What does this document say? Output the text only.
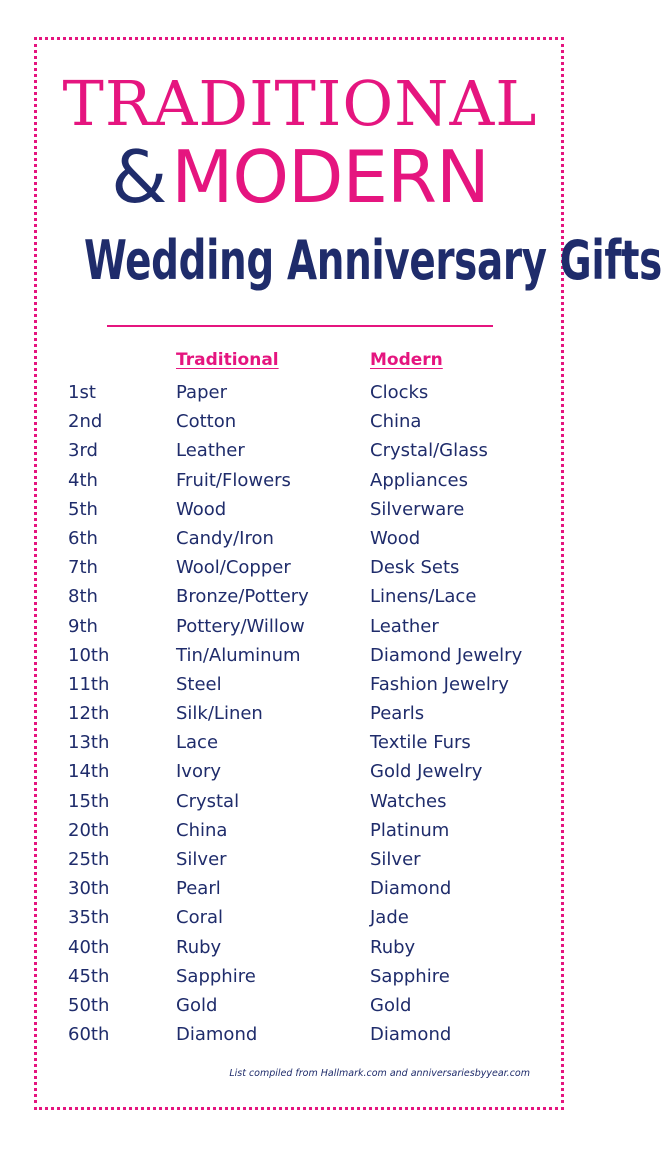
TRADITIONAL
&MODERN
Wedding Anniversary Gifts
Traditional	Modern
1st	Paper	Clocks
2nd	Cotton	China
3rd	Leather	Crystal/Glass
4th	Fruit/Flowers	Appliances
5th	Wood	Silverware
6th	Candy/Iron	Wood
7th	Wool/Copper	Desk Sets
8th	Bronze/Pottery	Linens/Lace
9th	Pottery/Willow	Leather
10th	Tin/Aluminum	Diamond Jewelry
11th	Steel	Fashion Jewelry
12th	Silk/Linen	Pearls
13th	Lace	Textile Furs
14th	Ivory	Gold Jewelry
15th	Crystal	Watches
20th	China	Platinum
25th	Silver	Silver
30th	Pearl	Diamond
35th	Coral	Jade
40th	Ruby	Ruby
45th	Sapphire	Sapphire
50th	Gold	Gold
60th	Diamond	Diamond
List compiled from Hallmark.com and anniversariesbyyear.com
